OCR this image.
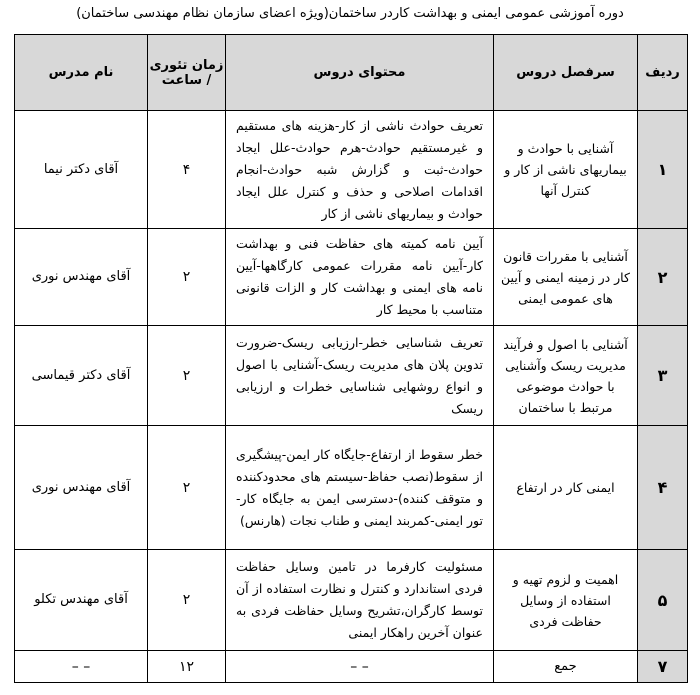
دوره آموزشی عمومی ایمنی و بهداشت کاردر ساختمان(ویژه اعضای سازمان نظام مهندسی ساختمان)
ردیف	سرفصل دروس	محتوای دروس	زمان تئوری / ساعت	نام مدرس
۱	آشنایی با حوادث و بیماریهای ناشی از کار و کنترل آنها	تعریف حوادث ناشی از کار-هزینه های مستقیم و غیرمستقیم حوادث-هرم حوادث-علل ایجاد حوادث-ثبت و گزارش شبه حوادث-انجام اقدامات اصلاحی و حذف و کنترل علل ایجاد حوادث و بیماریهای ناشی از کار	۴	آقای دکتر نیما
۲	آشنایی با مقررات قانون کار در زمینه ایمنی و آیین های عمومی ایمنی	آیین نامه کمیته های حفاظت فنی و بهداشت کار-آیین نامه مقررات عمومی کارگاهها-آیین نامه های ایمنی و بهداشت کار و الزات قانونی متناسب با محیط کار	۲	آقای مهندس نوری
۳	آشنایی با اصول و فرآیند مدیریت ریسک وآشنایی با حوادث موضوعی مرتبط با ساختمان	تعریف شناسایی خطر-ارزیابی ریسک-ضرورت تدوین پلان های مدیریت ریسک-آشنایی با اصول و انواع روشهایی شناسایی خطرات و ارزیابی ریسک	۲	آقای دکتر قیماسی
۴	ایمنی کار در ارتفاع	خطر سقوط از ارتفاع-جایگاه کار ایمن-پیشگیری از سقوط(نصب حفاظ-سیستم های محدودکننده و متوقف کننده)-دسترسی ایمن به جایگاه کار-تور ایمنی-کمربند ایمنی و طناب نجات (هارنس)	۲	آقای مهندس نوری
۵	اهمیت و لزوم تهیه و استفاده از وسایل حفاظت فردی	مسئولیت کارفرما در تامین وسایل حفاظت فردی استاندارد و کنترل و نظارت استفاده از آن توسط کارگران،تشریح وسایل حفاظت فردی به عنوان آخرین راهکار ایمنی	۲	آقای مهندس تکلو
۷	جمع	– –	۱۲	– –
